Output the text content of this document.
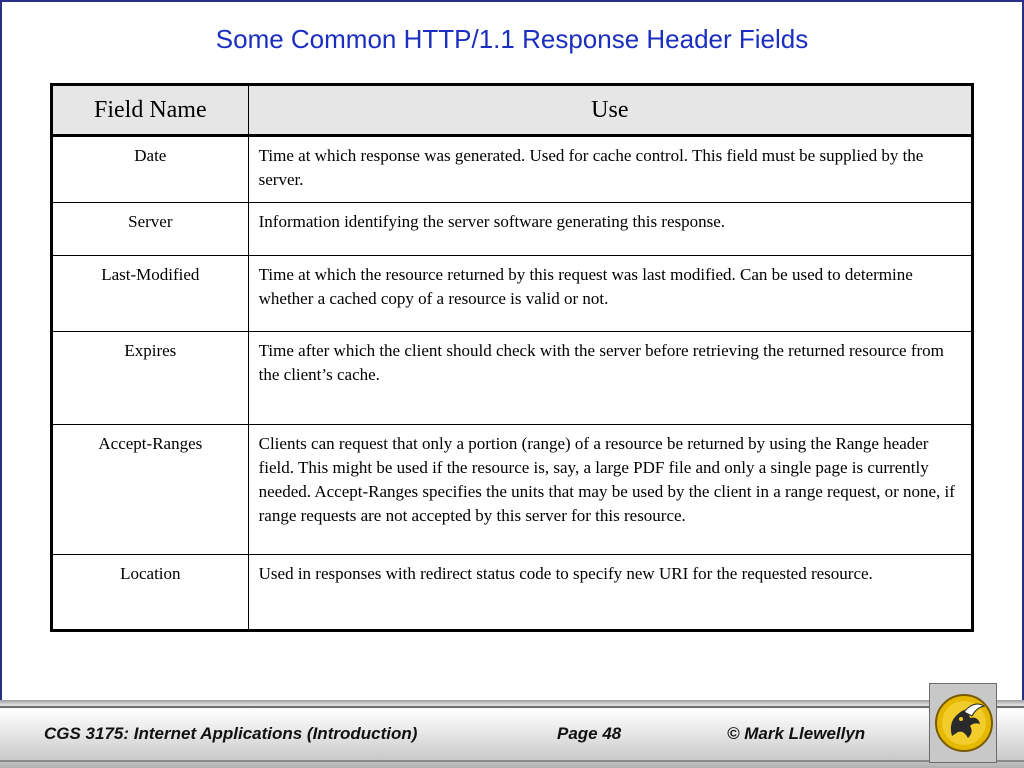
Some Common HTTP/1.1 Response Header Fields
Field Name	Use
Date	Time at which response was generated. Used for cache control. This field must be supplied by the server.
Server	Information identifying the server software generating this response.
Last-Modified	Time at which the resource returned by this request was last modified. Can be used to determine whether a cached copy of a resource is valid or not.
Expires	Time after which the client should check with the server before retrieving the returned resource from the client’s cache.
Accept-Ranges	Clients can request that only a portion (range) of a resource be returned by using the Range header field. This might be used if the resource is, say, a large PDF file and only a single page is currently needed. Accept-Ranges specifies the units that may be used by the client in a range request, or none, if range requests are not accepted by this server for this resource.
Location	Used in responses with redirect status code to specify new URI for the requested resource.
CGS 3175: Internet Applications (Introduction)	Page 48	© Mark Llewellyn
